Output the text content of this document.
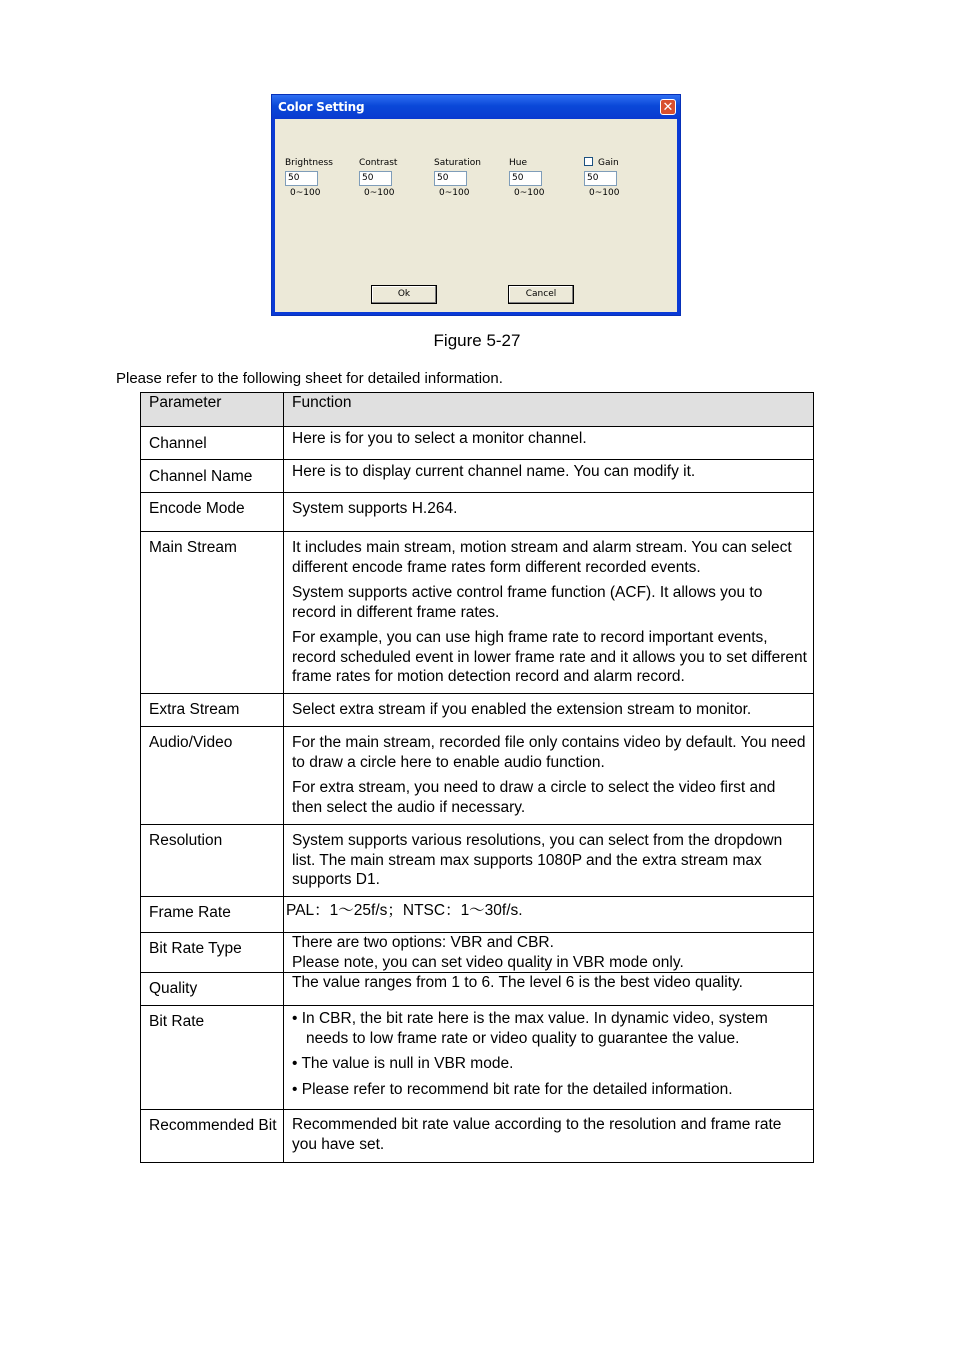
Color Setting	✕
Brightness
50
0~100
Contrast
50
0~100
Saturation
50
0~100
Hue
50
0~100
Gain
50
0~100
Ok	Cancel
Figure 5-27
Please refer to the following sheet for detailed information.
Parameter	Function
Channel	Here is for you to select a monitor channel.

Channel Name	Here is to display current channel name. You can modify it.

Encode Mode	System supports H.264.

Main Stream	It includes main stream, motion stream and alarm stream. You can select different encode frame rates form different recorded events.

System supports active control frame function (ACF). It allows you to record in different frame rates.

For example, you can use high frame rate to record important events, record scheduled event in lower frame rate and it allows you to set different frame rates for motion detection record and alarm record.

Extra Stream	Select extra stream if you enabled the extension stream to monitor.

Audio/Video	For the main stream, recorded file only contains video by default. You need to draw a circle here to enable audio function.

For extra stream, you need to draw a circle to select the video first and then select the audio if necessary.

Resolution	System supports various resolutions, you can select from the dropdown list. The main stream max supports 1080P and the extra stream max supports D1.

Frame Rate	PAL：1～25f/s；NTSC：1～30f/s.

Bit Rate Type	There are two options: VBR and CBR.
Please note, you can set video quality in VBR mode only.

Quality	The value ranges from 1 to 6. The level 6 is the best video quality.

Bit Rate	• In CBR, the bit rate here is the max value. In dynamic video, system needs to low frame rate or video quality to guarantee the value.

• The value is null in VBR mode.

• Please refer to recommend bit rate for the detailed information.

Recommended Bit	Recommended bit rate value according to the resolution and frame rate you have set.
